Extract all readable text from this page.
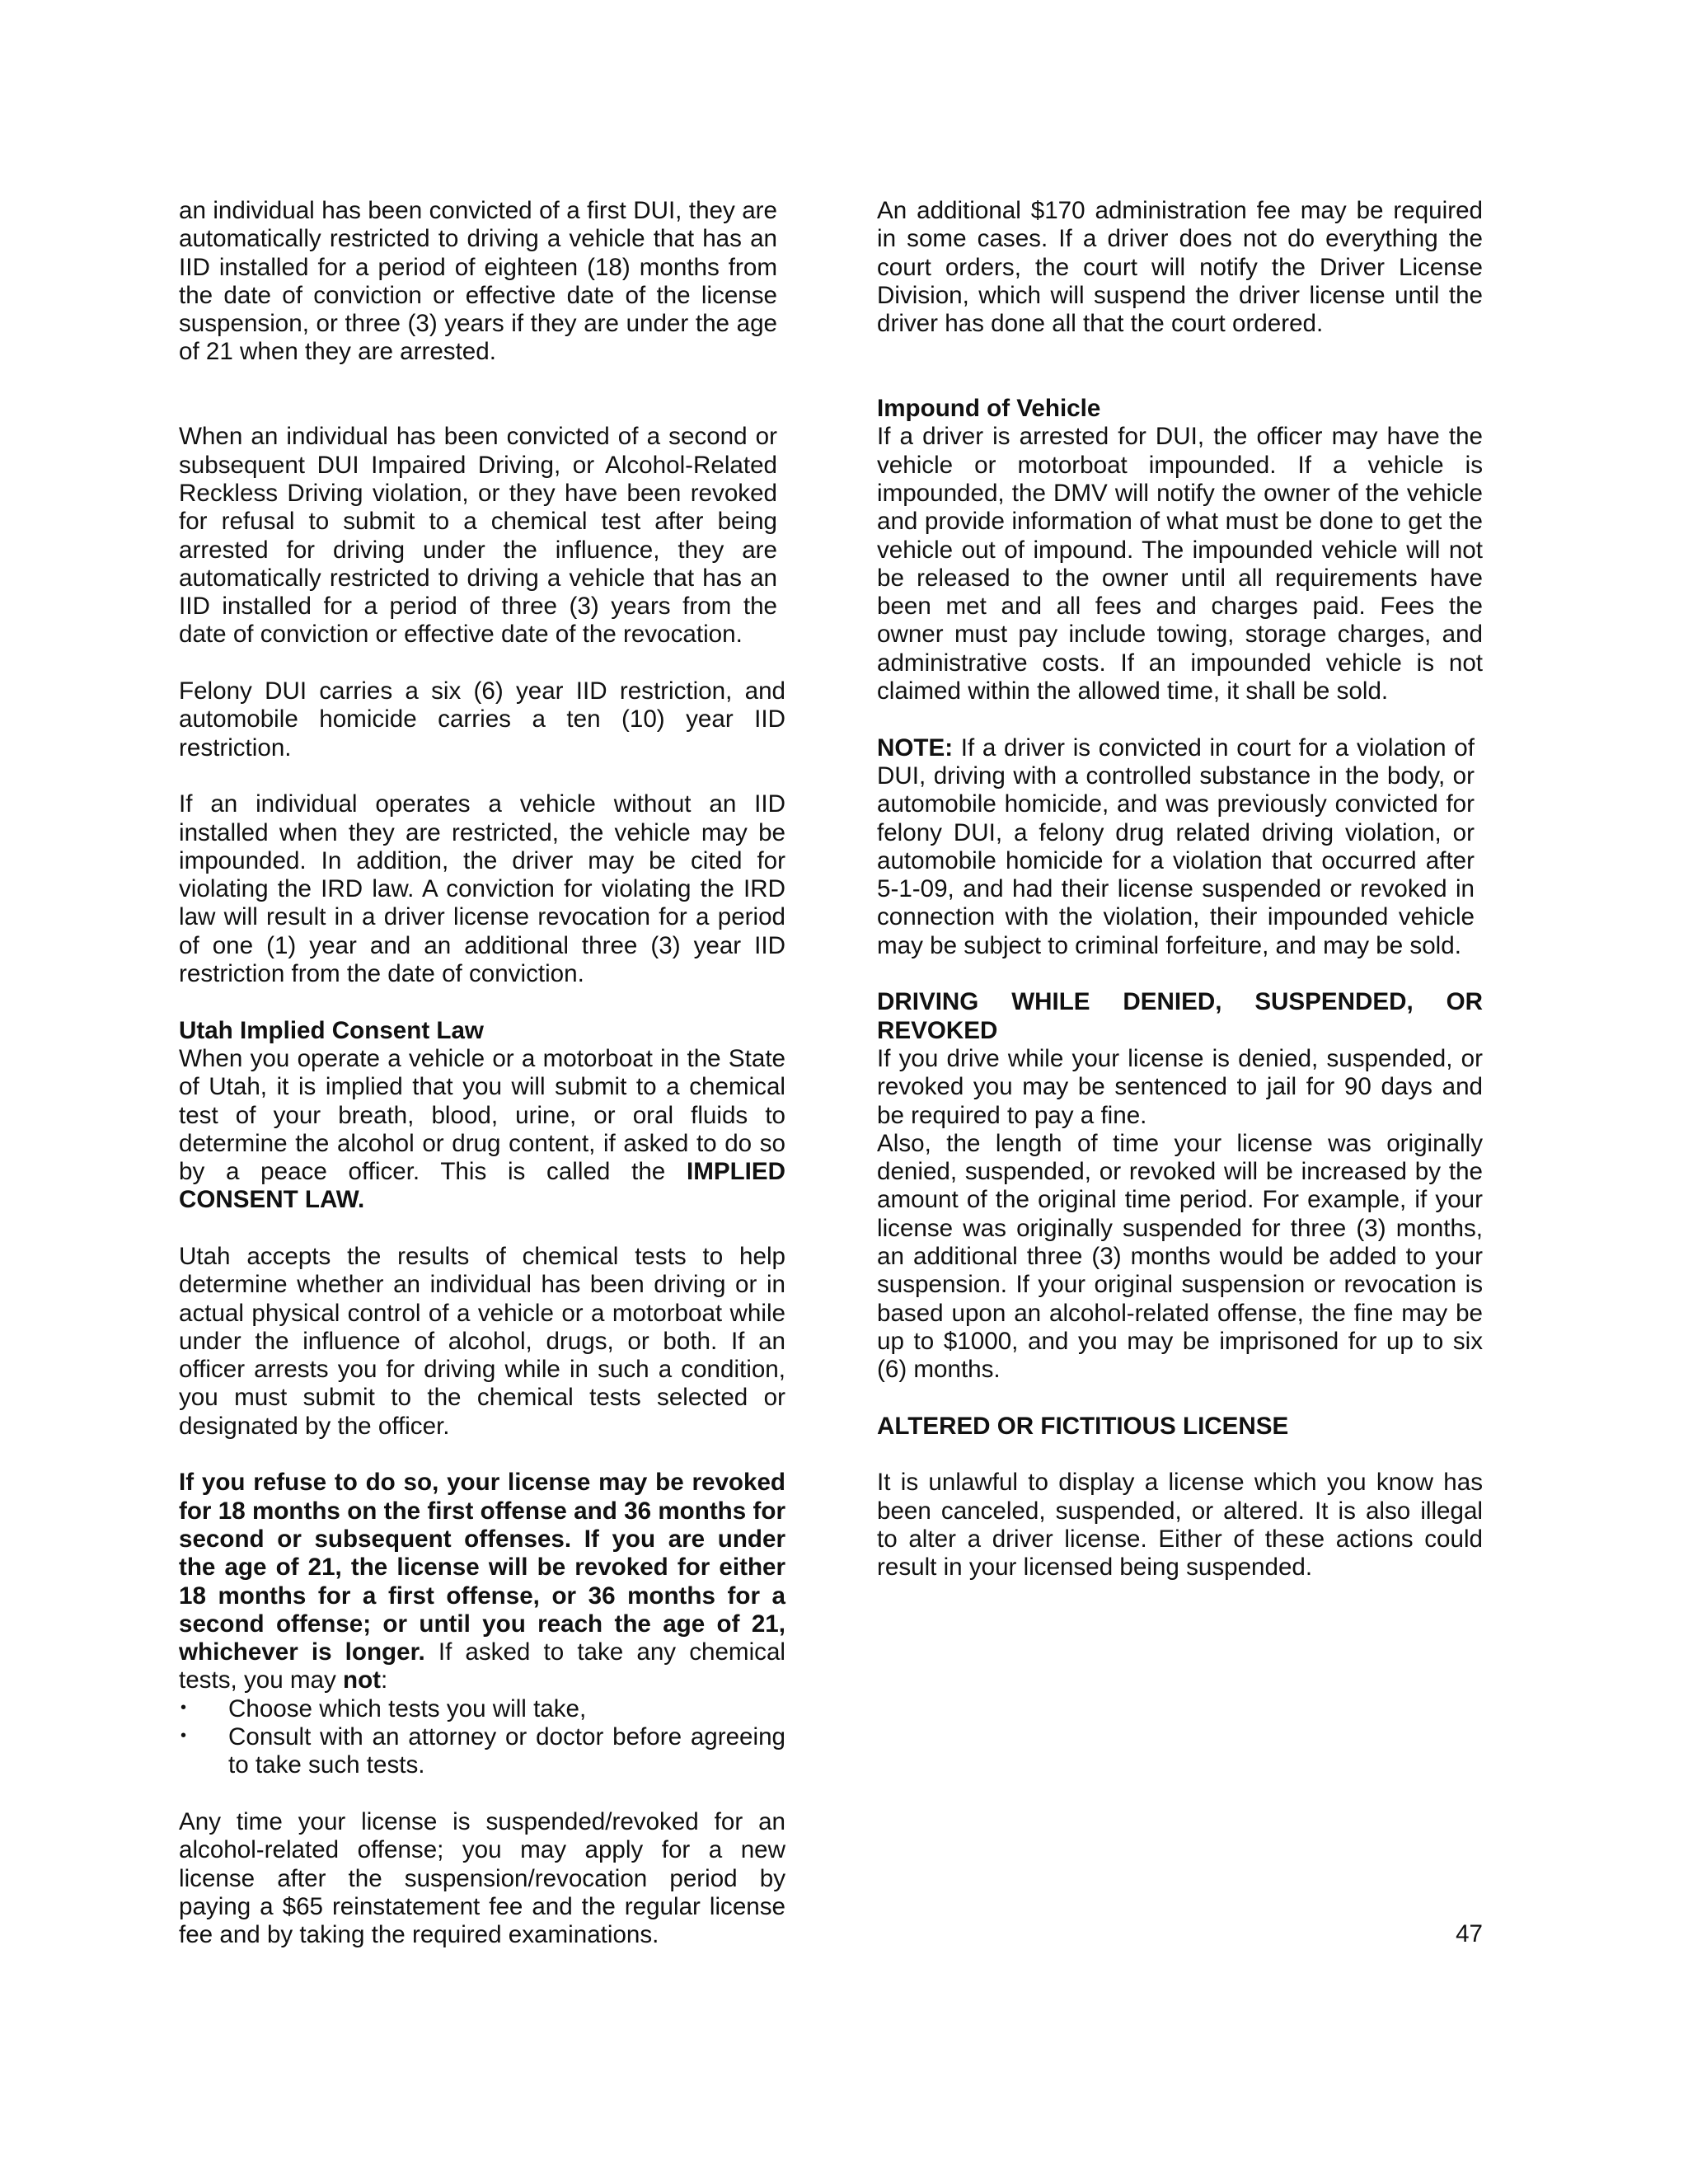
an individual has been convicted of a first DUI, they are automatically restricted to driving a vehicle that has an IID installed for a period of eighteen (18) months from the date of conviction or effective date of the license suspension, or three (3) years if they are under the age of 21 when they are arrested.

When an individual has been convicted of a second or subsequent DUI Impaired Driving, or Alcohol-Related Reckless Driving violation, or they have been revoked for refusal to submit to a chemical test after being arrested for driving under the influence, they are automatically restricted to driving a vehicle that has an IID installed for a period of three (3) years from the date of conviction or effective date of the revocation.

Felony DUI carries a six (6) year IID restriction, and automobile homicide carries a ten (10) year IID restriction.

If an individual operates a vehicle without an IID installed when they are restricted, the vehicle may be impounded. In addition, the driver may be cited for violating the IRD law. A conviction for violating the IRD law will result in a driver license revocation for a period of one (1) year and an additional three (3) year IID restriction from the date of conviction.

Utah Implied Consent Law

When you operate a vehicle or a motorboat in the State of Utah, it is implied that you will submit to a chemical test of your breath, blood, urine, or oral fluids to determine the alcohol or drug content, if asked to do so by a peace officer. This is called the IMPLIED CONSENT LAW.

Utah accepts the results of chemical tests to help determine whether an individual has been driving or in actual physical control of a vehicle or a motorboat while under the influence of alcohol, drugs, or both. If an officer arrests you for driving while in such a condition, you must submit to the chemical tests selected or designated by the officer.

If you refuse to do so, your license may be revoked for 18 months on the first offense and 36 months for second or subsequent offenses. If you are under the age of 21, the license will be revoked for either 18 months for a first offense, or 36 months for a second offense; or until you reach the age of 21, whichever is longer. If asked to take any chemical tests, you may not:

• Choose which tests you will take,
• Consult with an attorney or doctor before agreeing to take such tests.

Any time your license is suspended/revoked for an alcohol-related offense; you may apply for a new license after the suspension/revocation period by paying a $65 reinstatement fee and the regular license fee and by taking the required examinations.

An additional $170 administration fee may be required in some cases. If a driver does not do everything the court orders, the court will notify the Driver License Division, which will suspend the driver license until the driver has done all that the court ordered.

Impound of Vehicle

If a driver is arrested for DUI, the officer may have the vehicle or motorboat impounded. If a vehicle is impounded, the DMV will notify the owner of the vehicle and provide information of what must be done to get the vehicle out of impound. The impounded vehicle will not be released to the owner until all requirements have been met and all fees and charges paid. Fees the owner must pay include towing, storage charges, and administrative costs. If an impounded vehicle is not claimed within the allowed time, it shall be sold.

NOTE: If a driver is convicted in court for a violation of DUI, driving with a controlled substance in the body, or automobile homicide, and was previously convicted for felony DUI, a felony drug related driving violation, or automobile homicide for a violation that occurred after 5-1-09, and had their license suspended or revoked in connection with the violation, their impounded vehicle may be subject to criminal forfeiture, and may be sold.

DRIVING WHILE DENIED, SUSPENDED, OR REVOKED

If you drive while your license is denied, suspended, or revoked you may be sentenced to jail for 90 days and be required to pay a fine.

Also, the length of time your license was originally denied, suspended, or revoked will be increased by the amount of the original time period. For example, if your license was originally suspended for three (3) months, an additional three (3) months would be added to your suspension. If your original suspension or revocation is based upon an alcohol-related offense, the fine may be up to $1000, and you may be imprisoned for up to six (6) months.

ALTERED OR FICTITIOUS LICENSE

It is unlawful to display a license which you know has been canceled, suspended, or altered. It is also illegal to alter a driver license. Either of these actions could result in your licensed being suspended.

47
